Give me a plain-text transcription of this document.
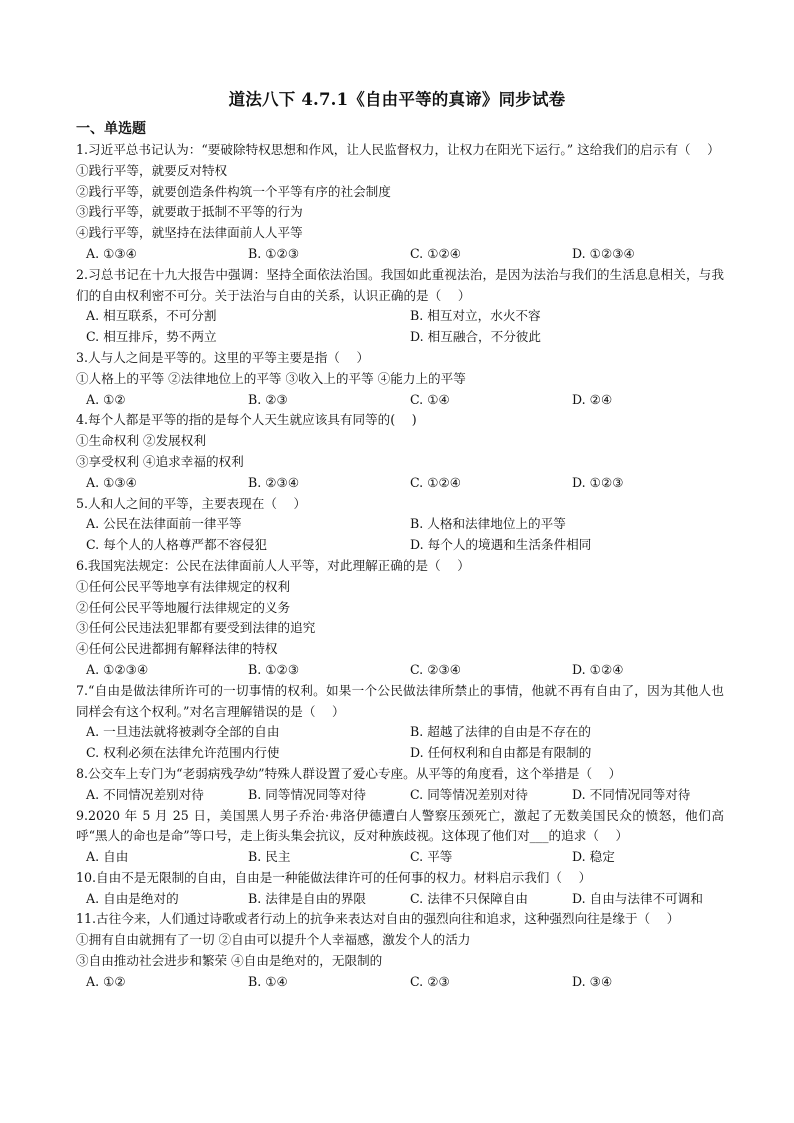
道法八下 4.7.1《自由平等的真谛》同步试卷
一、单选题

1.习近平总书记认为：“要破除特权思想和作风，让人民监督权力，让权力在阳光下运行。” 这给我们的启示有（　 ）

①践行平等，就要反对特权

②践行平等，就要创造条件构筑一个平等有序的社会制度

③践行平等，就要敢于抵制不平等的行为

④践行平等，就坚持在法律面前人人平等

A. ①③④	B. ①②③	C. ①②④	D. ①②③④

2.习总书记在十九大报告中强调：坚持全面依法治国。我国如此重视法治，是因为法治与我们的生活息息相关，与我们的自由权利密不可分。关于法治与自由的关系，认识正确的是（　 ）

A. 相互联系，不可分割	B. 相互对立，水火不容
C. 相互排斥，势不两立	D. 相互融合，不分彼此

3.人与人之间是平等的。这里的平等主要是指（　 ）

①人格上的平等 ②法律地位上的平等 ③收入上的平等 ④能力上的平等

A. ①②	B. ②③	C. ①④	D. ②④

4.每个人都是平等的指的是每个人天生就应该具有同等的(　 )

①生命权利 ②发展权利

③享受权利 ④追求幸福的权利

A. ①③④	B. ②③④	C. ①②④	D. ①②③

5.人和人之间的平等，主要表现在（　 ）

A. 公民在法律面前一律平等	B. 人格和法律地位上的平等
C. 每个人的人格尊严都不容侵犯	D. 每个人的境遇和生活条件相同

6.我国宪法规定：公民在法律面前人人平等，对此理解正确的是（　 ）

①任何公民平等地享有法律规定的权利

②任何公民平等地履行法律规定的义务

③任何公民违法犯罪都有要受到法律的追究

④任何公民进都拥有解释法律的特权

A. ①②③④	B. ①②③	C. ②③④	D. ①②④

7.“自由是做法律所许可的一切事情的权利。如果一个公民做法律所禁止的事情，他就不再有自由了，因为其他人也同样会有这个权利。”对名言理解错误的是（　 ）

A. 一旦违法就将被剥夺全部的自由	B. 超越了法律的自由是不存在的
C. 权利必须在法律允许范围内行使	D. 任何权利和自由都是有限制的

8.公交车上专门为“老弱病残孕幼”特殊人群设置了爱心专座。从平等的角度看，这个举措是（　 ）

A. 不同情况差别对待	B. 同等情况同等对待	C. 同等情况差别对待	D. 不同情况同等对待

9.2020 年 5 月 25 日，美国黑人男子乔治·弗洛伊德遭白人警察压颈死亡，激起了无数美国民众的愤怒，他们高呼“黑人的命也是命”等口号，走上街头集会抗议，反对种族歧视。这体现了他们对___的追求（　 ）

A. 自由	B. 民主	C. 平等	D. 稳定

10.自由不是无限制的自由，自由是一种能做法律许可的任何事的权力。材料启示我们（　 ）

A. 自由是绝对的	B. 法律是自由的界限	C. 法律不只保障自由	D. 自由与法律不可调和

11.古往今来，人们通过诗歌或者行动上的抗争来表达对自由的强烈向往和追求，这种强烈向往是缘于（　 ）

①拥有自由就拥有了一切 ②自由可以提升个人幸福感，激发个人的活力

③自由推动社会进步和繁荣 ④自由是绝对的，无限制的

A. ①②	B. ①④	C. ②③	D. ③④
